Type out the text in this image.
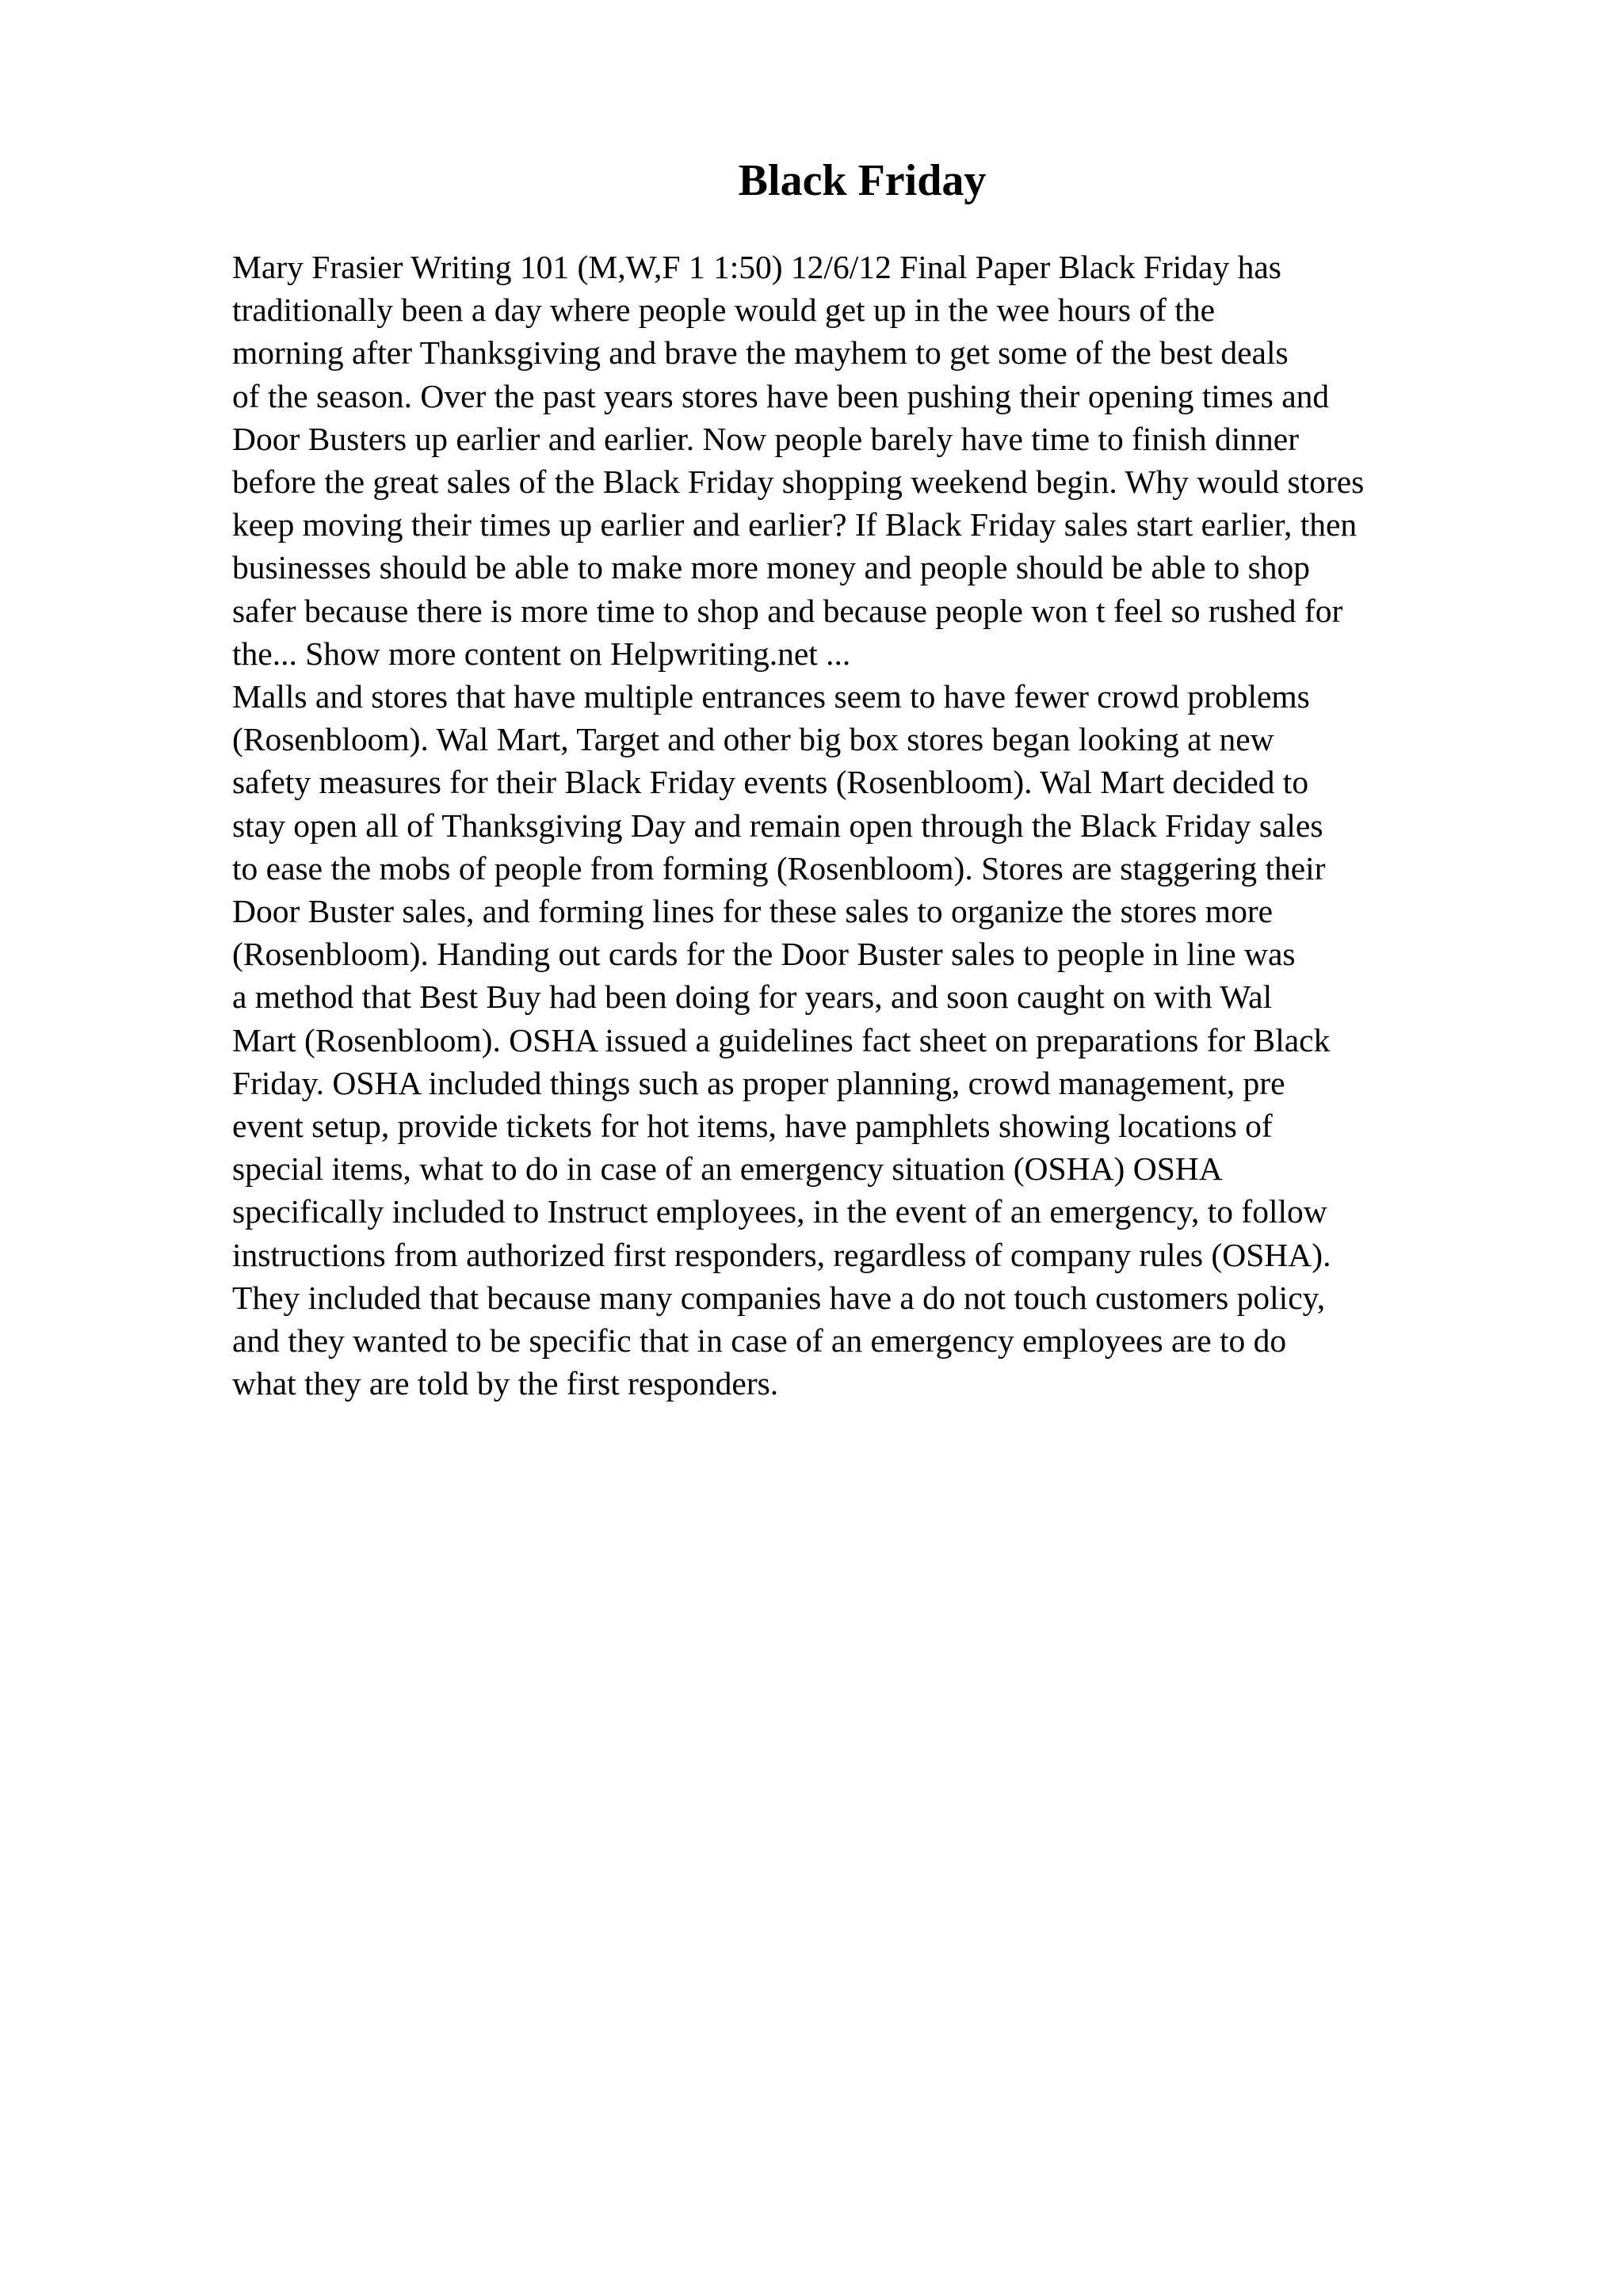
Black Friday
Mary Frasier Writing 101 (M,W,F 1 1:50) 12/6/12 Final Paper Black Friday has
traditionally been a day where people would get up in the wee hours of the
morning after Thanksgiving and brave the mayhem to get some of the best deals
of the season. Over the past years stores have been pushing their opening times and
Door Busters up earlier and earlier. Now people barely have time to finish dinner
before the great sales of the Black Friday shopping weekend begin. Why would stores
keep moving their times up earlier and earlier? If Black Friday sales start earlier, then
businesses should be able to make more money and people should be able to shop
safer because there is more time to shop and because people won t feel so rushed for
the... Show more content on Helpwriting.net ...
Malls and stores that have multiple entrances seem to have fewer crowd problems
(Rosenbloom). Wal Mart, Target and other big box stores began looking at new
safety measures for their Black Friday events (Rosenbloom). Wal Mart decided to
stay open all of Thanksgiving Day and remain open through the Black Friday sales
to ease the mobs of people from forming (Rosenbloom). Stores are staggering their
Door Buster sales, and forming lines for these sales to organize the stores more
(Rosenbloom). Handing out cards for the Door Buster sales to people in line was
a method that Best Buy had been doing for years, and soon caught on with Wal
Mart (Rosenbloom). OSHA issued a guidelines fact sheet on preparations for Black
Friday. OSHA included things such as proper planning, crowd management, pre
event setup, provide tickets for hot items, have pamphlets showing locations of
special items, what to do in case of an emergency situation (OSHA) OSHA
specifically included to Instruct employees, in the event of an emergency, to follow
instructions from authorized first responders, regardless of company rules (OSHA).
They included that because many companies have a do not touch customers policy,
and they wanted to be specific that in case of an emergency employees are to do
what they are told by the first responders.
